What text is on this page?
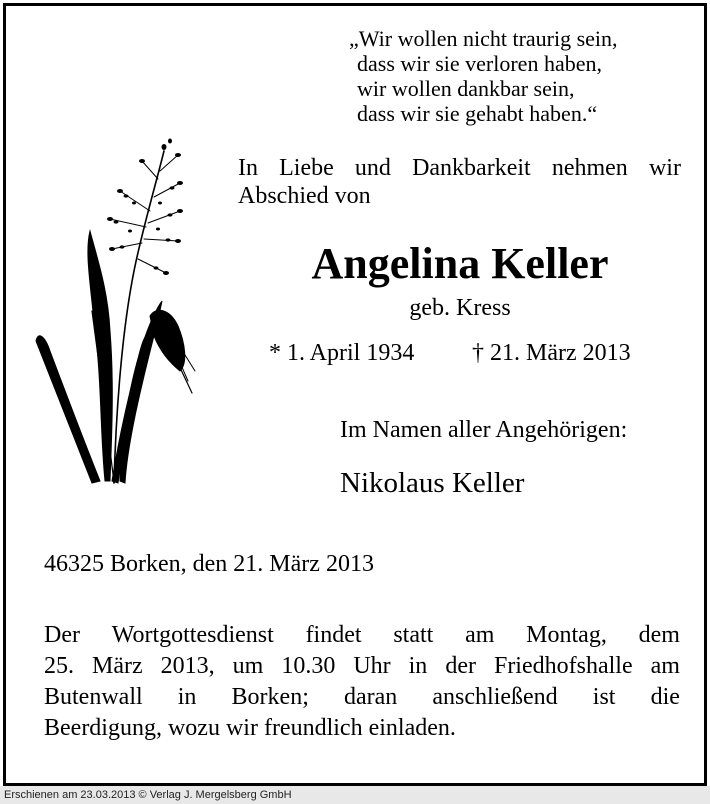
„Wir wollen nicht traurig sein,
dass wir sie verloren haben,
wir wollen dankbar sein,
dass wir sie gehabt haben.“
In Liebe und Dankbarkeit nehmen wir
Abschied von
Angelina Keller
geb. Kress
* 1. April 1934 † 21. März 2013
Im Namen aller Angehörigen:
Nikolaus Keller
46325 Borken, den 21. März 2013
Der Wortgottesdienst findet statt am Montag, dem
25. März 2013, um 10.30 Uhr in der Friedhofshalle am
Butenwall in Borken; daran anschließend ist die
Beerdigung, wozu wir freundlich einladen.
Erschienen am 23.03.2013 © Verlag J. Mergelsberg GmbH
